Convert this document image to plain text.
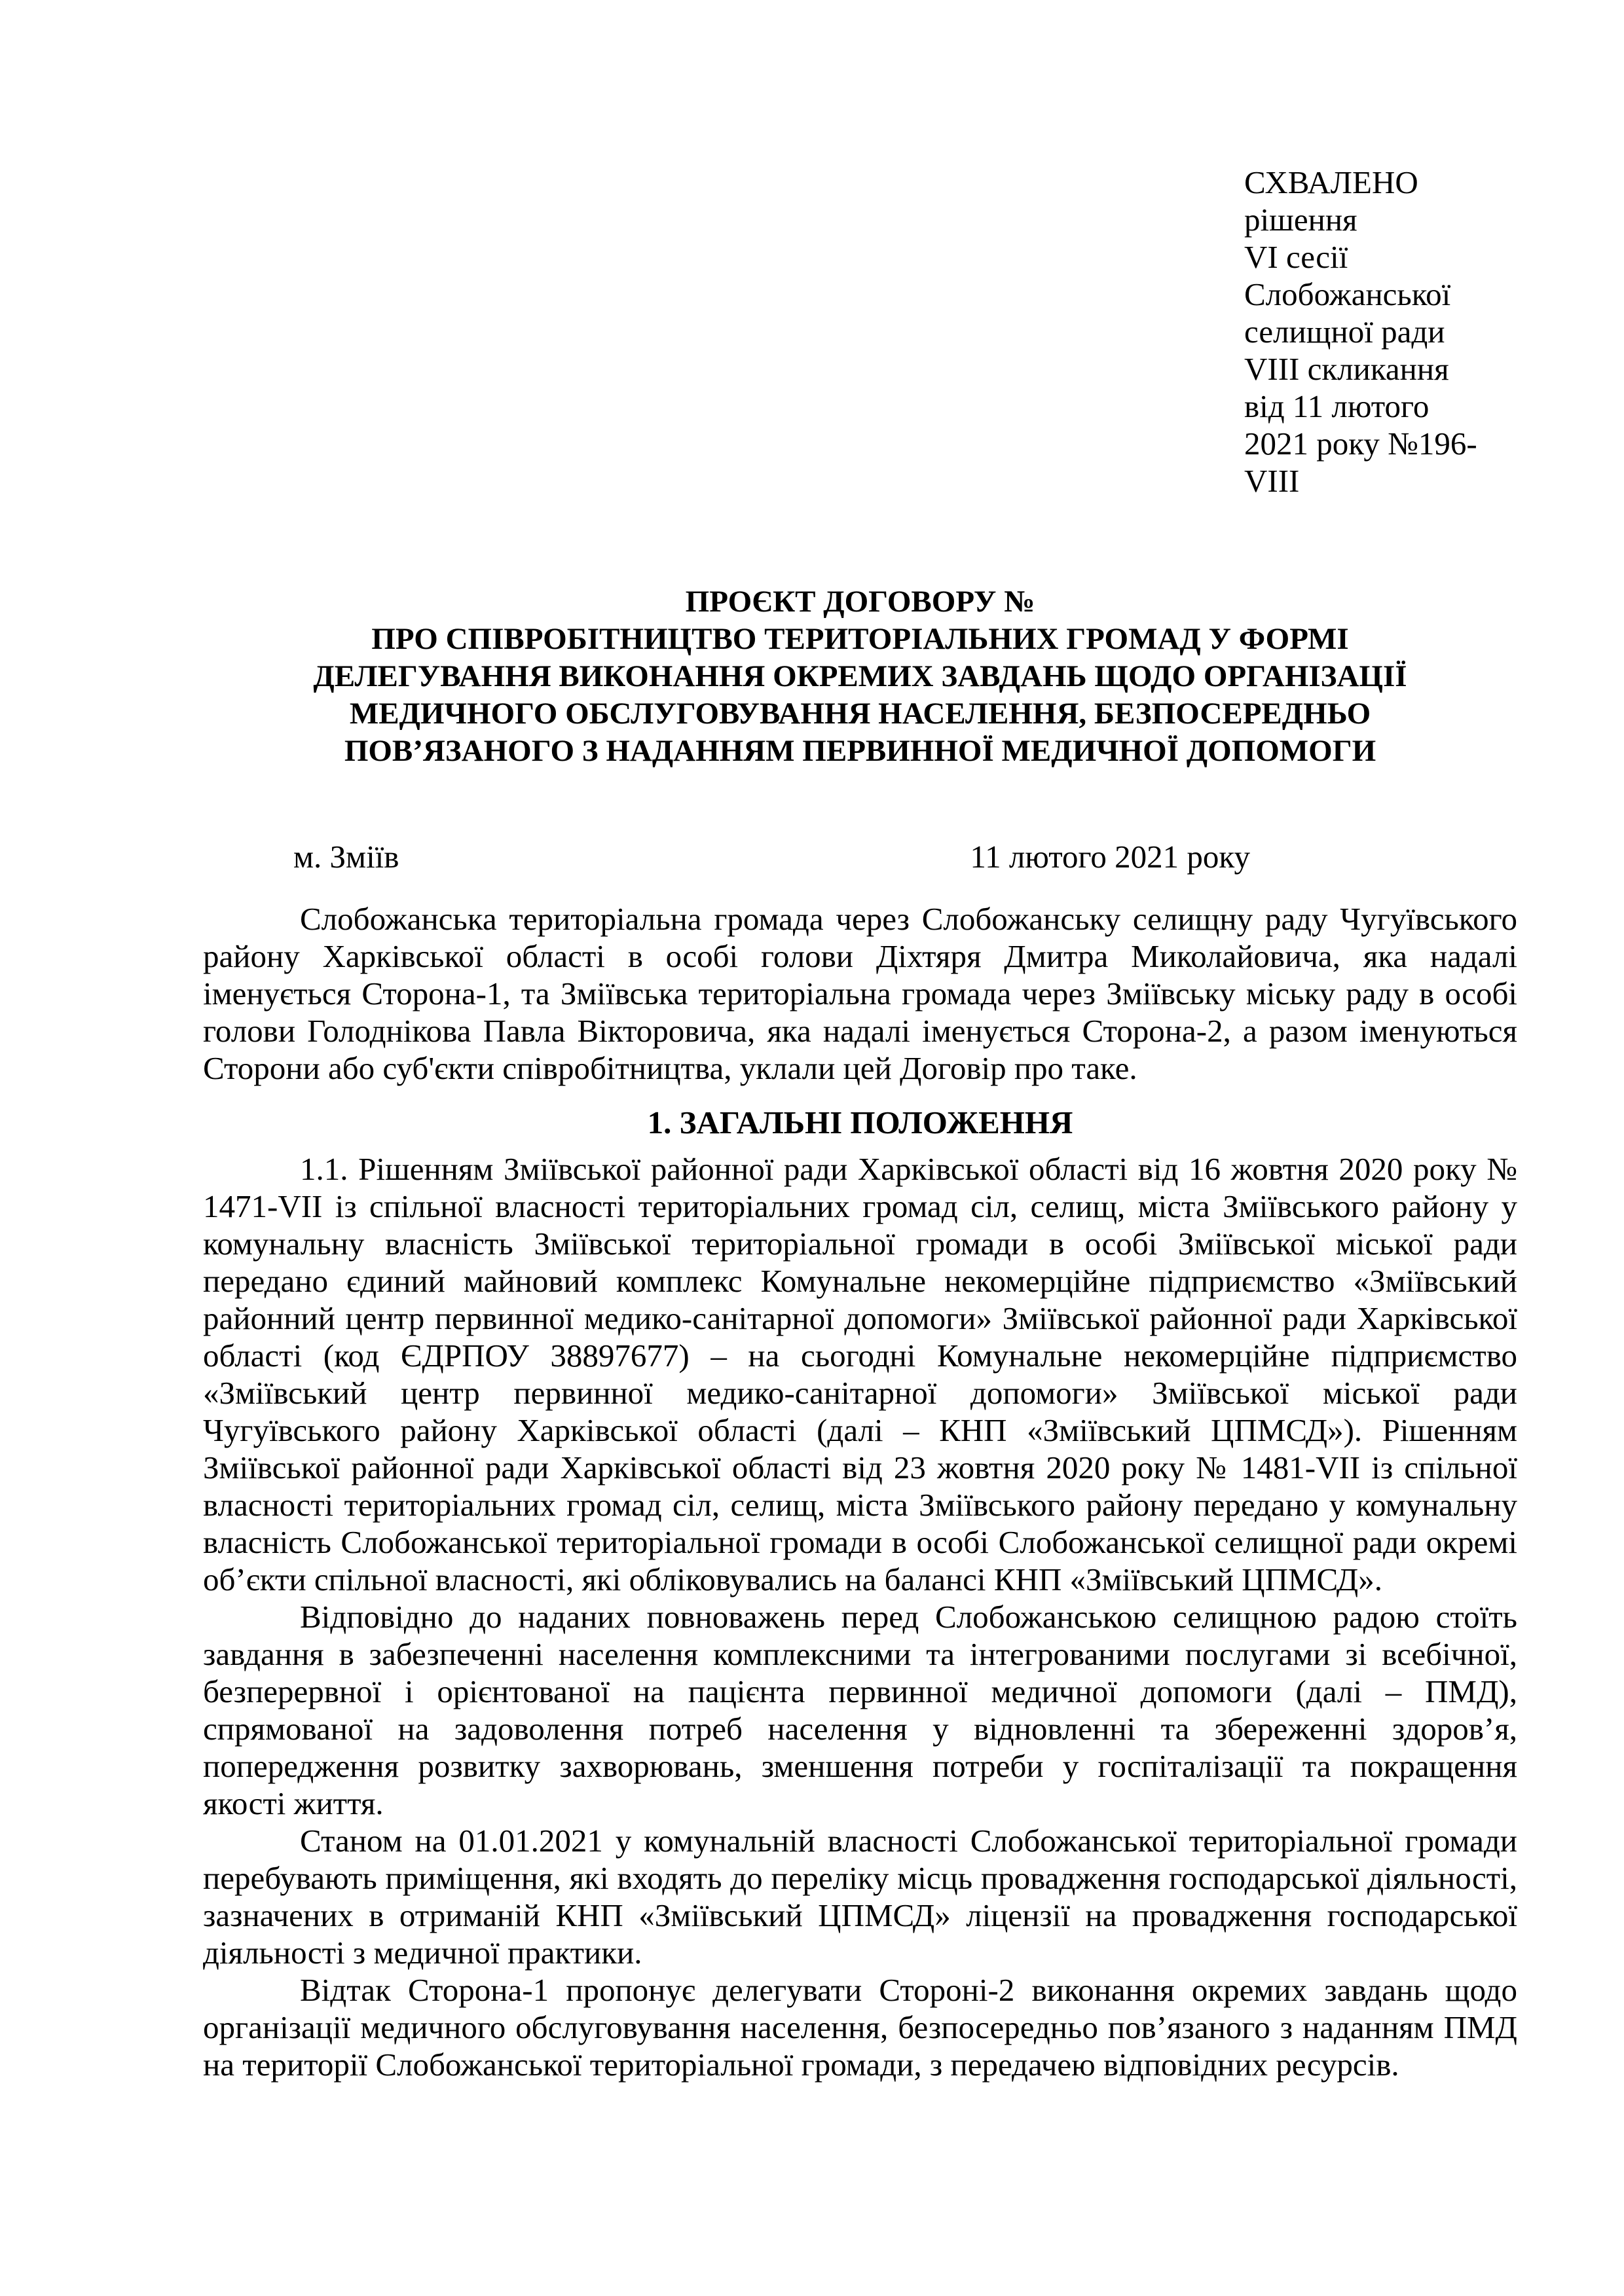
СХВАЛЕНО
рішення
VI сесії
Слобожанської
селищної ради
VIII скликання
від 11 лютого
2021 року №196-
VIII
ПРОЄКТ ДОГОВОРУ №
ПРО СПІВРОБІТНИЦТВО ТЕРИТОРІАЛЬНИХ ГРОМАД У ФОРМІ
ДЕЛЕГУВАННЯ ВИКОНАННЯ ОКРЕМИХ ЗАВДАНЬ ЩОДО ОРГАНІЗАЦІЇ
МЕДИЧНОГО ОБСЛУГОВУВАННЯ НАСЕЛЕННЯ, БЕЗПОСЕРЕДНЬО
ПОВ’ЯЗАНОГО З НАДАННЯМ ПЕРВИННОЇ МЕДИЧНОЇ ДОПОМОГИ
м. Зміїв	11 лютого 2021 року

Слобожанська територіальна громада через Слобожанську селищну раду Чугуївського району Харківської області в особі голови Діхтяря Дмитра Миколайовича, яка надалі іменується Сторона-1, та Зміївська територіальна громада через Зміївську міську раду в особі голови Голоднікова Павла Вікторовича, яка надалі іменується Сторона-2, а разом іменуються Сторони або суб'єкти співробітництва, уклали цей Договір про таке.

1. ЗАГАЛЬНІ ПОЛОЖЕННЯ

1.1. Рішенням Зміївської районної ради Харківської області від 16 жовтня 2020 року № 1471-VII із спільної власності територіальних громад сіл, селищ, міста Зміївського району у комунальну власність Зміївської територіальної громади в особі Зміївської міської ради передано єдиний майновий комплекс Комунальне некомерційне підприємство «Зміївський районний центр первинної медико-санітарної допомоги» Зміївської районної ради Харківської області (код ЄДРПОУ 38897677) – на сьогодні Комунальне некомерційне підприємство «Зміївський центр первинної медико-санітарної допомоги» Зміївської міської ради Чугуївського району Харківської області (далі – КНП «Зміївський ЦПМСД»). Рішенням Зміївської районної ради Харківської області від 23 жовтня 2020 року № 1481-VII із спільної власності територіальних громад сіл, селищ, міста Зміївського району передано у комунальну власність Слобожанської територіальної громади в особі Слобожанської селищної ради окремі об’єкти спільної власності, які обліковувались на балансі КНП «Зміївський ЦПМСД».

Відповідно до наданих повноважень перед Слобожанською селищною радою стоїть завдання в забезпеченні населення комплексними та інтегрованими послугами зі всебічної, безперервної і орієнтованої на пацієнта первинної медичної допомоги (далі – ПМД), спрямованої на задоволення потреб населення у відновленні та збереженні здоров’я, попередження розвитку захворювань, зменшення потреби у госпіталізації та покращення якості життя.

Станом на 01.01.2021 у комунальній власності Слобожанської територіальної громади перебувають приміщення, які входять до переліку місць провадження господарської діяльності, зазначених в отриманій КНП «Зміївський ЦПМСД» ліцензії на провадження господарської діяльності з медичної практики.

Відтак Сторона-1 пропонує делегувати Стороні-2 виконання окремих завдань щодо організації медичного обслуговування населення, безпосередньо пов’язаного з наданням ПМД на території Слобожанської територіальної громади, з передачею відповідних ресурсів.
